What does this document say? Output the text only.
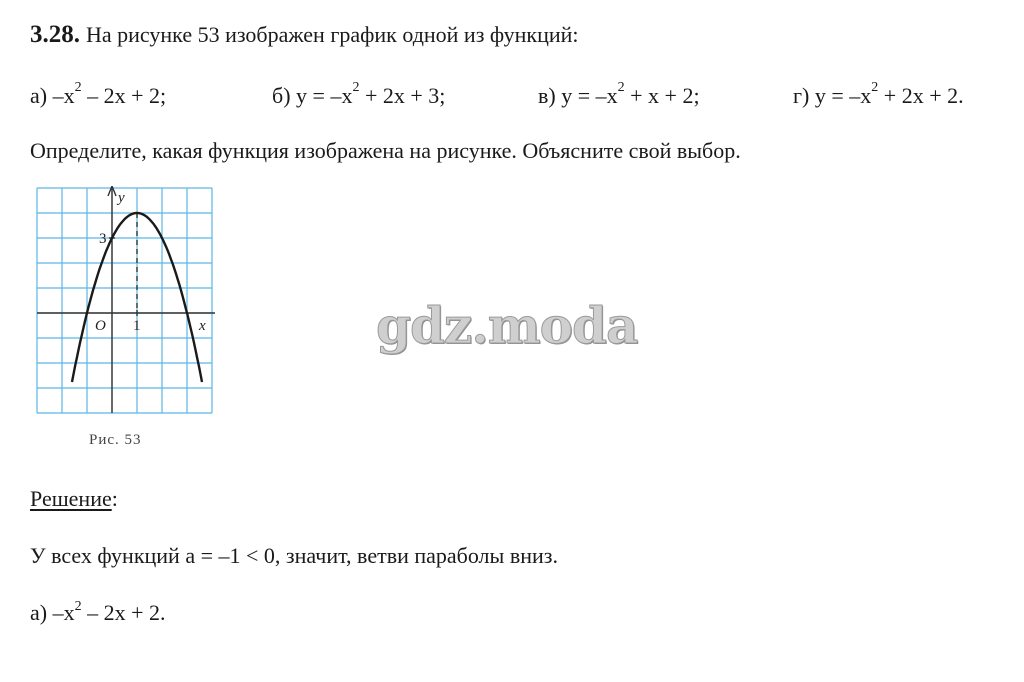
3.28. На рисунке 53 изображен график одной из функций:
а) $-x^2 - 2x + 2$;	б) $y = -x^2 + 2x + 3$;	в) $y = -x^2 + x + 2$;	г) $y = -x^2 + 2x + 2$.
Определите, какая функция изображена на рисунке. Объясните свой выбор.
y
x
O 1
3
Рис. 53
gdz.moda
Решение:
У всех функций a = –1 < 0, значит, ветви параболы вниз.
а) $-x^2 - 2x + 2$.
